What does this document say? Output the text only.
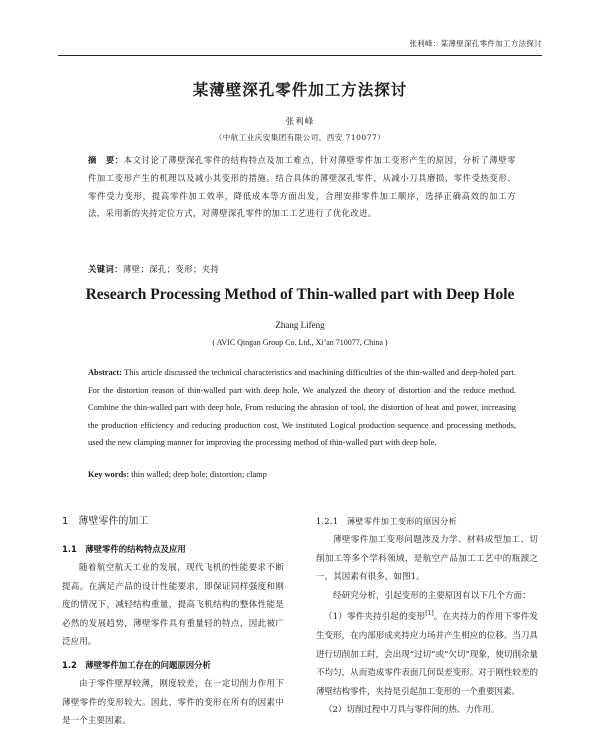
张利峰：某薄壁深孔零件加工方法探讨
某薄壁深孔零件加工方法探讨
张利峰
（中航工业庆安集团有限公司，西安 710077）

摘　要：本文讨论了薄壁深孔零件的结构特点及加工难点，针对薄壁零件加工变形产生的原因，分析了薄壁零件加工变形产生的机理以及减小其变形的措施。结合具体的薄壁深孔零件，从减小刀具磨损、零件受热变形、零件受力变形，提高零件加工效率，降低成本等方面出发，合理安排零件加工顺序，选择正确高效的加工方法，采用新的夹持定位方式，对薄壁深孔零件的加工工艺进行了优化改进。

关键词：薄壁；深孔；变形；夹持

Research Processing Method of Thin-walled part with Deep Hole
Zhang Lifeng
( AVIC Qingan Group Co. Ltd., Xi’an 710077, China )

Abstract: This article discussed the technical characteristics and machining difficulties of the thin-walled and deep-holed part. For the distortion reason of thin-walled part with deep hole, We analyzed the theory of distortion and the reduce method. Combine the thin-walled part with deep hole, From reducing the abrasion of tool, the distortion of heat and power, increasing the production efficiency and reducing production cost, We instituted Logical production sequence and processing methods, used the new clamping manner for improving the processing method of thin-walled part with deep hole.

Key words: thin walled; deep hole; distortion; clamp

1　薄壁零件的加工
1.1　薄壁零件的结构特点及应用

随着航空航天工业的发展，现代飞机的性能要求不断提高。在满足产品的设计性能要求，即保证同样强度和刚度的情况下，减轻结构重量，提高飞机结构的整体性能是必然的发展趋势，薄壁零件具有重量轻的特点，因此被广泛应用。

1.2　薄壁零件加工存在的问题原因分析

由于零件壁厚较薄，刚度较差，在一定切削力作用下薄壁零件的变形较大。因此，零件的变形在所有的因素中是一个主要因素。

1.2.1　薄壁零件加工变形的原因分析

薄壁零件加工变形问题涉及力学、材料成型加工、切削加工等多个学科领域，是航空产品加工工艺中的瓶颈之一，其因素有很多，如图1。

经研究分析，引起变形的主要原因有以下几个方面：

（1）零件夹持引起的变形[1]。在夹持力的作用下零件发生变形，在内部形成夹持应力场并产生相应的位移。当刀具进行切削加工时，会出现“过切”或“欠切”现象，使切削余量不均匀，从而造成零件表面几何误差变形。对于刚性较差的薄壁结构零件，夹持是引起加工变形的一个重要因素。

（2）切削过程中刀具与零件间的热、力作用。
